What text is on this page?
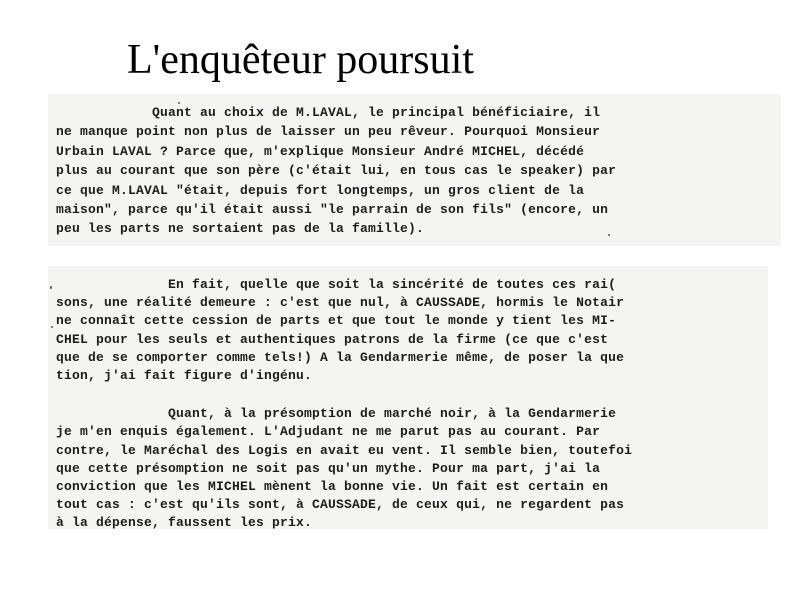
L'enquêteur poursuit

Quant au choix de M.LAVAL, le principal bénéficiaire, il

ne manque point non plus de laisser un peu rêveur. Pourquoi Monsieur

Urbain LAVAL ? Parce que, m'explique Monsieur André MICHEL, décédé

plus au courant que son père (c'était lui, en tous cas le speaker) par

ce que M.LAVAL "était, depuis fort longtemps, un gros client de la

maison", parce qu'il était aussi "le parrain de son fils" (encore, un

peu les parts ne sortaient pas de la famille).

En fait, quelle que soit la sincérité de toutes ces rai(

sons, une réalité demeure : c'est que nul, à CAUSSADE, hormis le Notair

ne connaît cette cession de parts et que tout le monde y tient les MI-

CHEL pour les seuls et authentiques patrons de la firme (ce que c'est

que de se comporter comme tels!) A la Gendarmerie même, de poser la que

tion, j'ai fait figure d'ingénu.

Quant, à la présomption de marché noir, à la Gendarmerie

je m'en enquis également. L'Adjudant ne me parut pas au courant. Par

contre, le Maréchal des Logis en avait eu vent. Il semble bien, toutefoi

que cette présomption ne soit pas qu'un mythe. Pour ma part, j'ai la

conviction que les MICHEL mènent la bonne vie. Un fait est certain en

tout cas : c'est qu'ils sont, à CAUSSADE, de ceux qui, ne regardent pas

à la dépense, faussent les prix.
